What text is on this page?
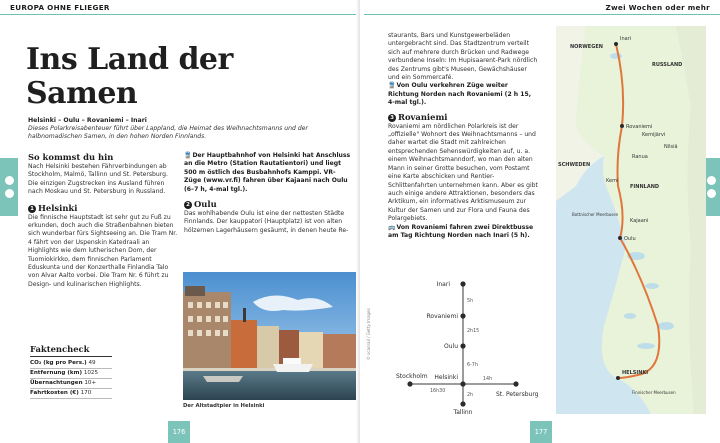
EUROPA OHNE FLIEGER
Ins Land der
Samen
Helsinki – Oulu – Rovaniemi – Inari
Dieses Polarkreisabenteuer führt über Lappland, die Heimat des Weihnachtsmanns und der halbnomadischen Samen, in den hohen Norden Finnlands.
So kommst du hin

Nach Helsinki bestehen Fährverbindungen ab Stockholm, Malmö, Tallinn und St. Petersburg. Die einzigen Zugstrecken ins Ausland führen nach Moskau und St. Petersburg in Russland.

1 Helsinki

Die finnische Hauptstadt ist sehr gut zu Fuß zu erkunden, doch auch die Straßenbahnen bieten sich wunderbar fürs Sightseeing an. Die Tram Nr. 4 fährt von der Uspenskin Katedraali an Highlights wie dem lutherischen Dom, der Tuomiokirkko, dem finnischen Parlament Eduskunta und der Konzerthalle Finlandia Talo von Alvar Aalto vorbei. Die Tram Nr. 6 führt zu Design- und kulinarischen Highlights.

🚆Der Hauptbahnhof von Helsinki hat Anschluss an die Metro (Station Rautatientori) und liegt 500 m östlich des Busbahnhofs Kamppi. VR-Züge (www.vr.fi) fahren über Kajaani nach Oulu (6–7 h, 4-mal tgl.).

2 Oulu

Das wohlhabende Oulu ist eine der nettesten Städte Finnlands. Der kauppatori (Hauptplatz) ist von alten hölzernen Lagerhäusern gesäumt, in denen heute Re-

Faktencheck
CO₂ (kg pro Pers.) 49
Entfernung (km) 1025
Übernachtungen 10+
Fahrtkosten (€) 170
Der Altstadtpier in Helsinki
176
Zwei Wochen oder mehr

staurants, Bars und Kunstgewerbeläden untergebracht sind. Das Stadtzentrum verteilt sich auf mehrere durch Brücken und Radwege verbundene Inseln: Im Hupisaarent-Park nördlich des Zentrums gibt's Museen, Gewächshäuser und ein Sommercafé.

🚆Von Oulu verkehren Züge weiter Richtung Norden nach Rovaniemi (2 h 15, 4-mal tgl.).

3 Rovaniemi

Rovaniemi am nördlichen Polarkreis ist der „offizielle" Wohnort des Weihnachtsmanns – und daher wartet die Stadt mit zahlreichen entsprechenden Sehenswürdigkeiten auf, u. a. einem Weihnachtsmanndorf, wo man den alten Mann in seiner Grotte besuchen, vom Postamt eine Karte abschicken und Rentier-Schlittenfahrten unternehmen kann. Aber es gibt auch einige andere Attraktionen, besonders das Arktikum, ein informatives Arktismuseum zur Kultur der Samen und zur Flora und Fauna des Polargebiets.

🚌Von Rovaniemi fahren zwei Direktbusse am Tag Richtung Norden nach Inari (5 h).

177
© scanrail / Getty Images
Inari
Rovaniemi
Oulu
Helsinki
Stockholm
Tallinn
St. Petersburg
5h
2h15
6-7h
16h30
2h
14h
NORWEGEN
Inari
RUSSLAND
Rovaniemi
Kemijärvi
Ranua
SCHWEDEN
Kemi
Oulu
FINNLAND
Kajaani
Bottnischer Meerbusen
HELSINKI
Finnischer Meerbusen
Nilsiä
